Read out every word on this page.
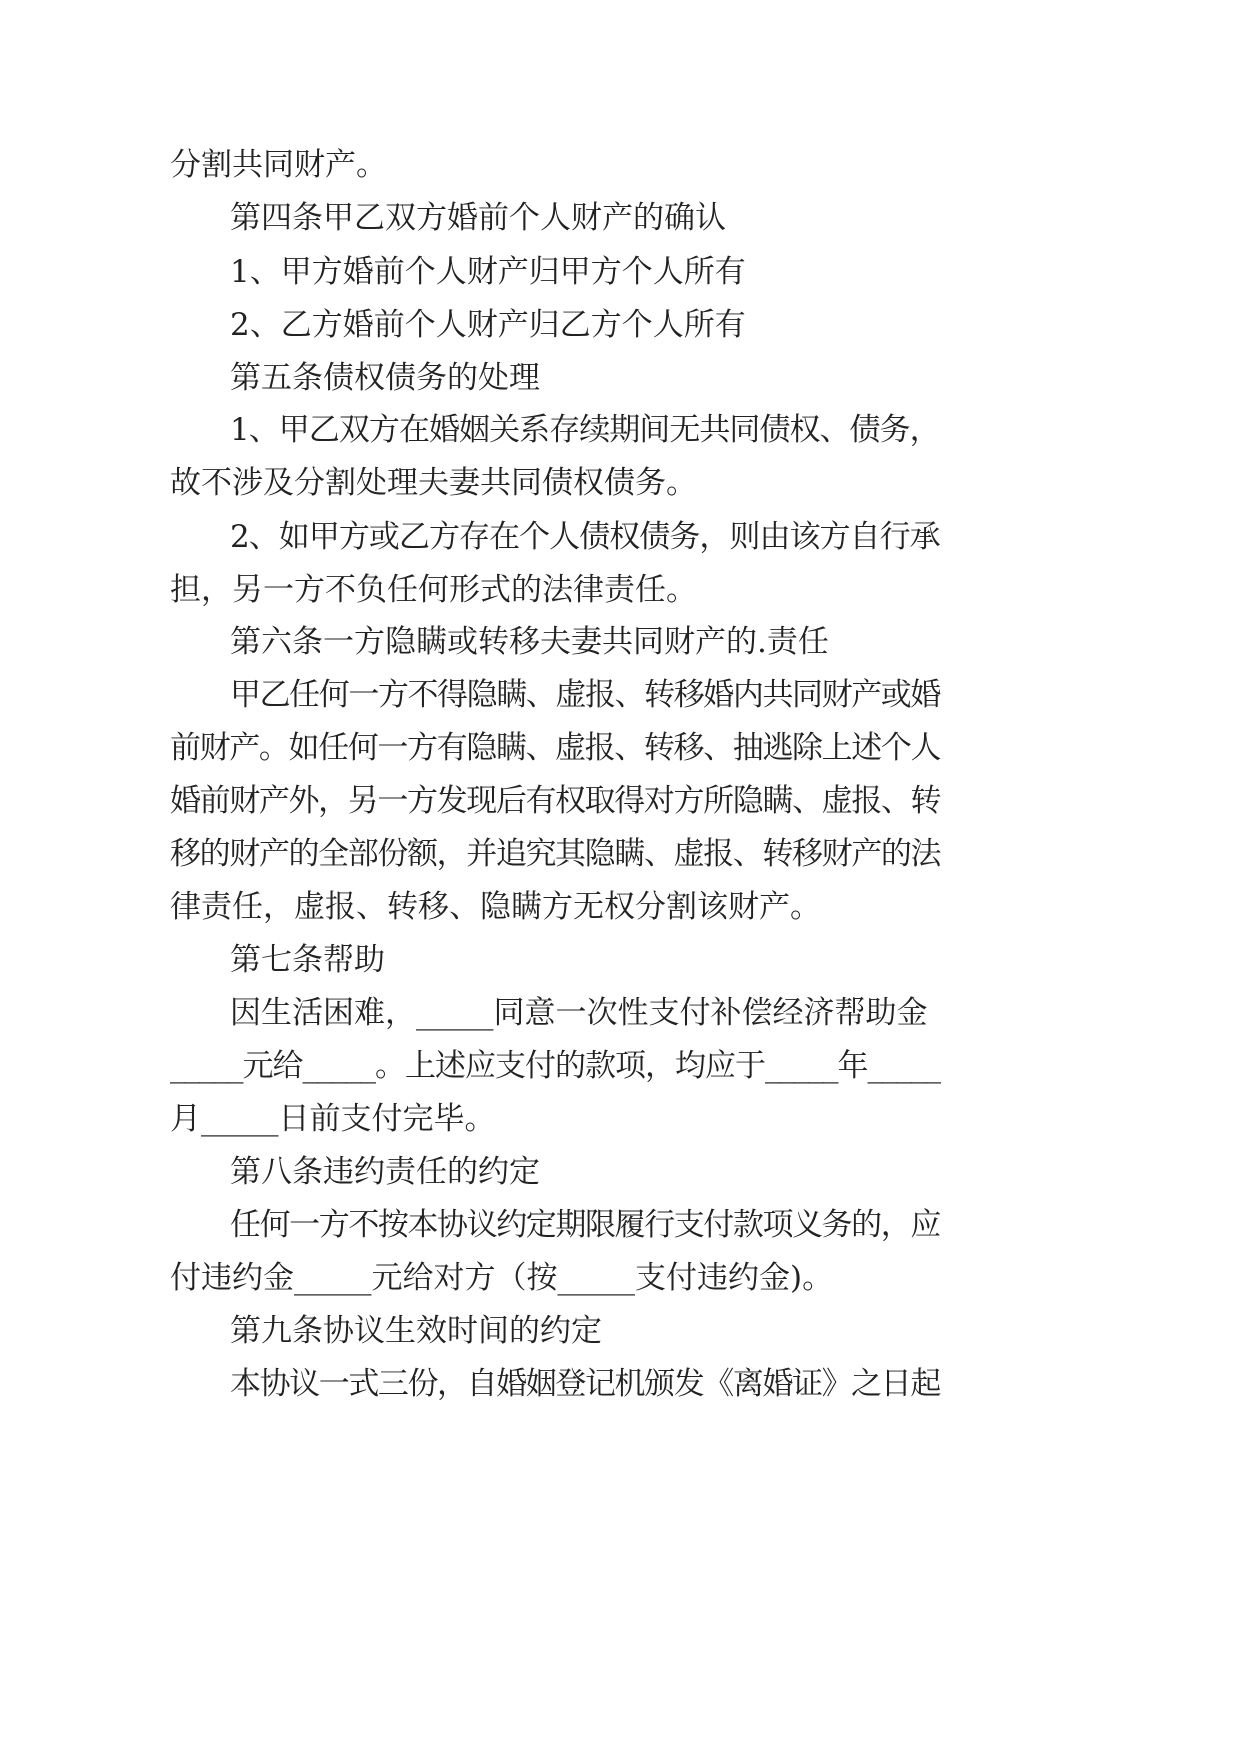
分割共同财产。
第四条甲乙双方婚前个人财产的确认
1、甲方婚前个人财产归甲方个人所有
2、乙方婚前个人财产归乙方个人所有
第五条债权债务的处理
1、甲乙双方在婚姻关系存续期间无共同债权、债务，
故不涉及分割处理夫妻共同债权债务。
2、如甲方或乙方存在个人债权债务，则由该方自行承
担，另一方不负任何形式的法律责任。
第六条一方隐瞒或转移夫妻共同财产的.责任
甲乙任何一方不得隐瞒、虚报、转移婚内共同财产或婚
前财产。如任何一方有隐瞒、虚报、转移、抽逃除上述个人
婚前财产外，另一方发现后有权取得对方所隐瞒、虚报、转
移的财产的全部份额，并追究其隐瞒、虚报、转移财产的法
律责任，虚报、转移、隐瞒方无权分割该财产。
第七条帮助
因生活困难，_____同意一次性支付补偿经济帮助金
_____元给_____。上述应支付的款项，均应于_____年_____
月_____日前支付完毕。
第八条违约责任的约定
任何一方不按本协议约定期限履行支付款项义务的，应
付违约金_____元给对方（按_____支付违约金)。
第九条协议生效时间的约定
本协议一式三份，自婚姻登记机颁发《离婚证》之日起
